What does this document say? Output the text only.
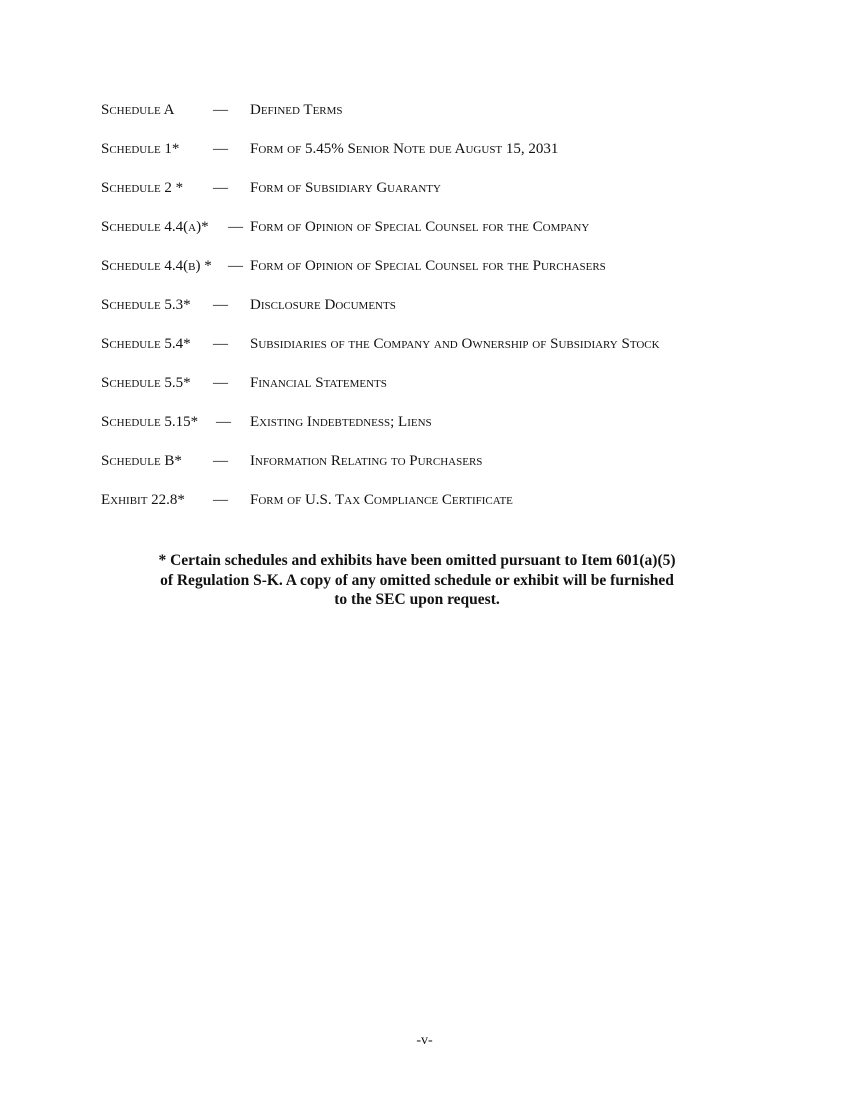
Schedule A	— Defined Terms
Schedule 1* — Form of 5.45% Senior Note due August 15, 2031
Schedule 2 * — Form of Subsidiary Guaranty
Schedule 4.4(a)* — Form of Opinion of Special Counsel for the Company
Schedule 4.4(b) * — Form of Opinion of Special Counsel for the Purchasers
Schedule 5.3* — Disclosure Documents
Schedule 5.4* — Subsidiaries of the Company and Ownership of Subsidiary Stock
Schedule 5.5* — Financial Statements
Schedule 5.15* — Existing Indebtedness; Liens
Schedule B* — Information Relating to Purchasers
Exhibit 22.8* — Form of U.S. Tax Compliance Certificate
* Certain schedules and exhibits have been omitted pursuant to Item 601(a)(5)
of Regulation S-K. A copy of any omitted schedule or exhibit will be furnished
to the SEC upon request.
-v-
